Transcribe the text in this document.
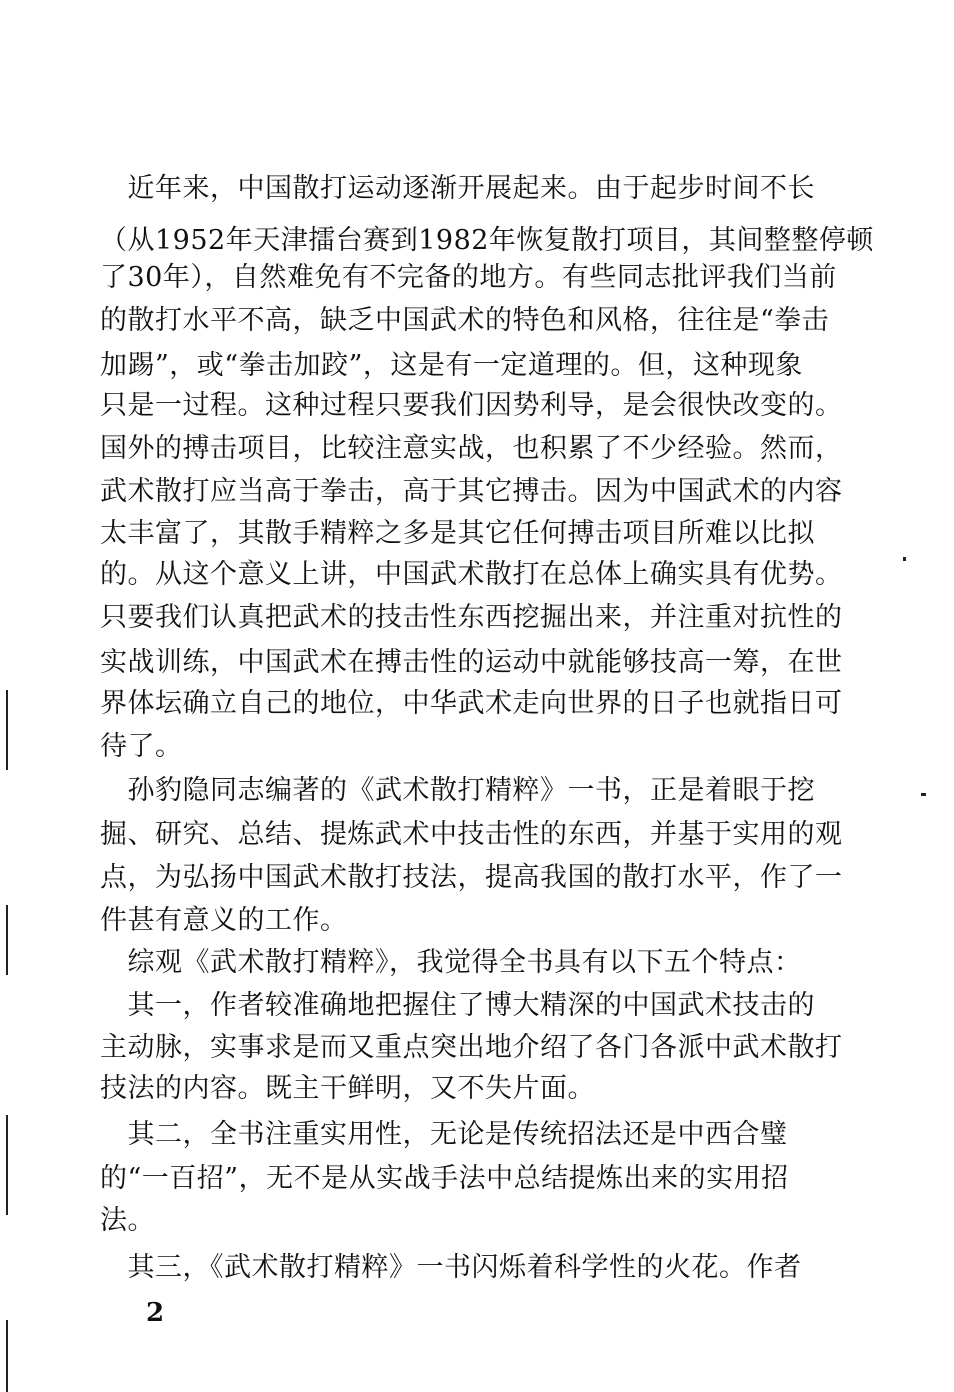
　近年来，中国散打运动逐渐开展起来。由于起步时间不长
（从1952年天津擂台赛到1982年恢复散打项目，其间整整停顿
了30年），自然难免有不完备的地方。有些同志批评我们当前
的散打水平不高，缺乏中国武术的特色和风格，往往是“拳击
加踢”，或“拳击加跤”，这是有一定道理的。但，这种现象
只是一过程。这种过程只要我们因势利导，是会很快改变的。
国外的搏击项目，比较注意实战，也积累了不少经验。然而，
武术散打应当高于拳击，高于其它搏击。因为中国武术的内容
太丰富了，其散手精粹之多是其它任何搏击项目所难以比拟
的。从这个意义上讲，中国武术散打在总体上确实具有优势。
只要我们认真把武术的技击性东西挖掘出来，并注重对抗性的
实战训练，中国武术在搏击性的运动中就能够技高一筹，在世
界体坛确立自己的地位，中华武术走向世界的日子也就指日可
待了。
　孙豹隐同志编著的《武术散打精粹》一书，正是着眼于挖
掘、研究、总结、提炼武术中技击性的东西，并基于实用的观
点，为弘扬中国武术散打技法，提高我国的散打水平，作了一
件甚有意义的工作。
　综观《武术散打精粹》，我觉得全书具有以下五个特点：
　其一，作者较准确地把握住了博大精深的中国武术技击的
主动脉，实事求是而又重点突出地介绍了各门各派中武术散打
技法的内容。既主干鲜明，又不失片面。
　其二，全书注重实用性，无论是传统招法还是中西合璧
的“一百招”，无不是从实战手法中总结提炼出来的实用招
法。
　其三，《武术散打精粹》一书闪烁着科学性的火花。作者
2
